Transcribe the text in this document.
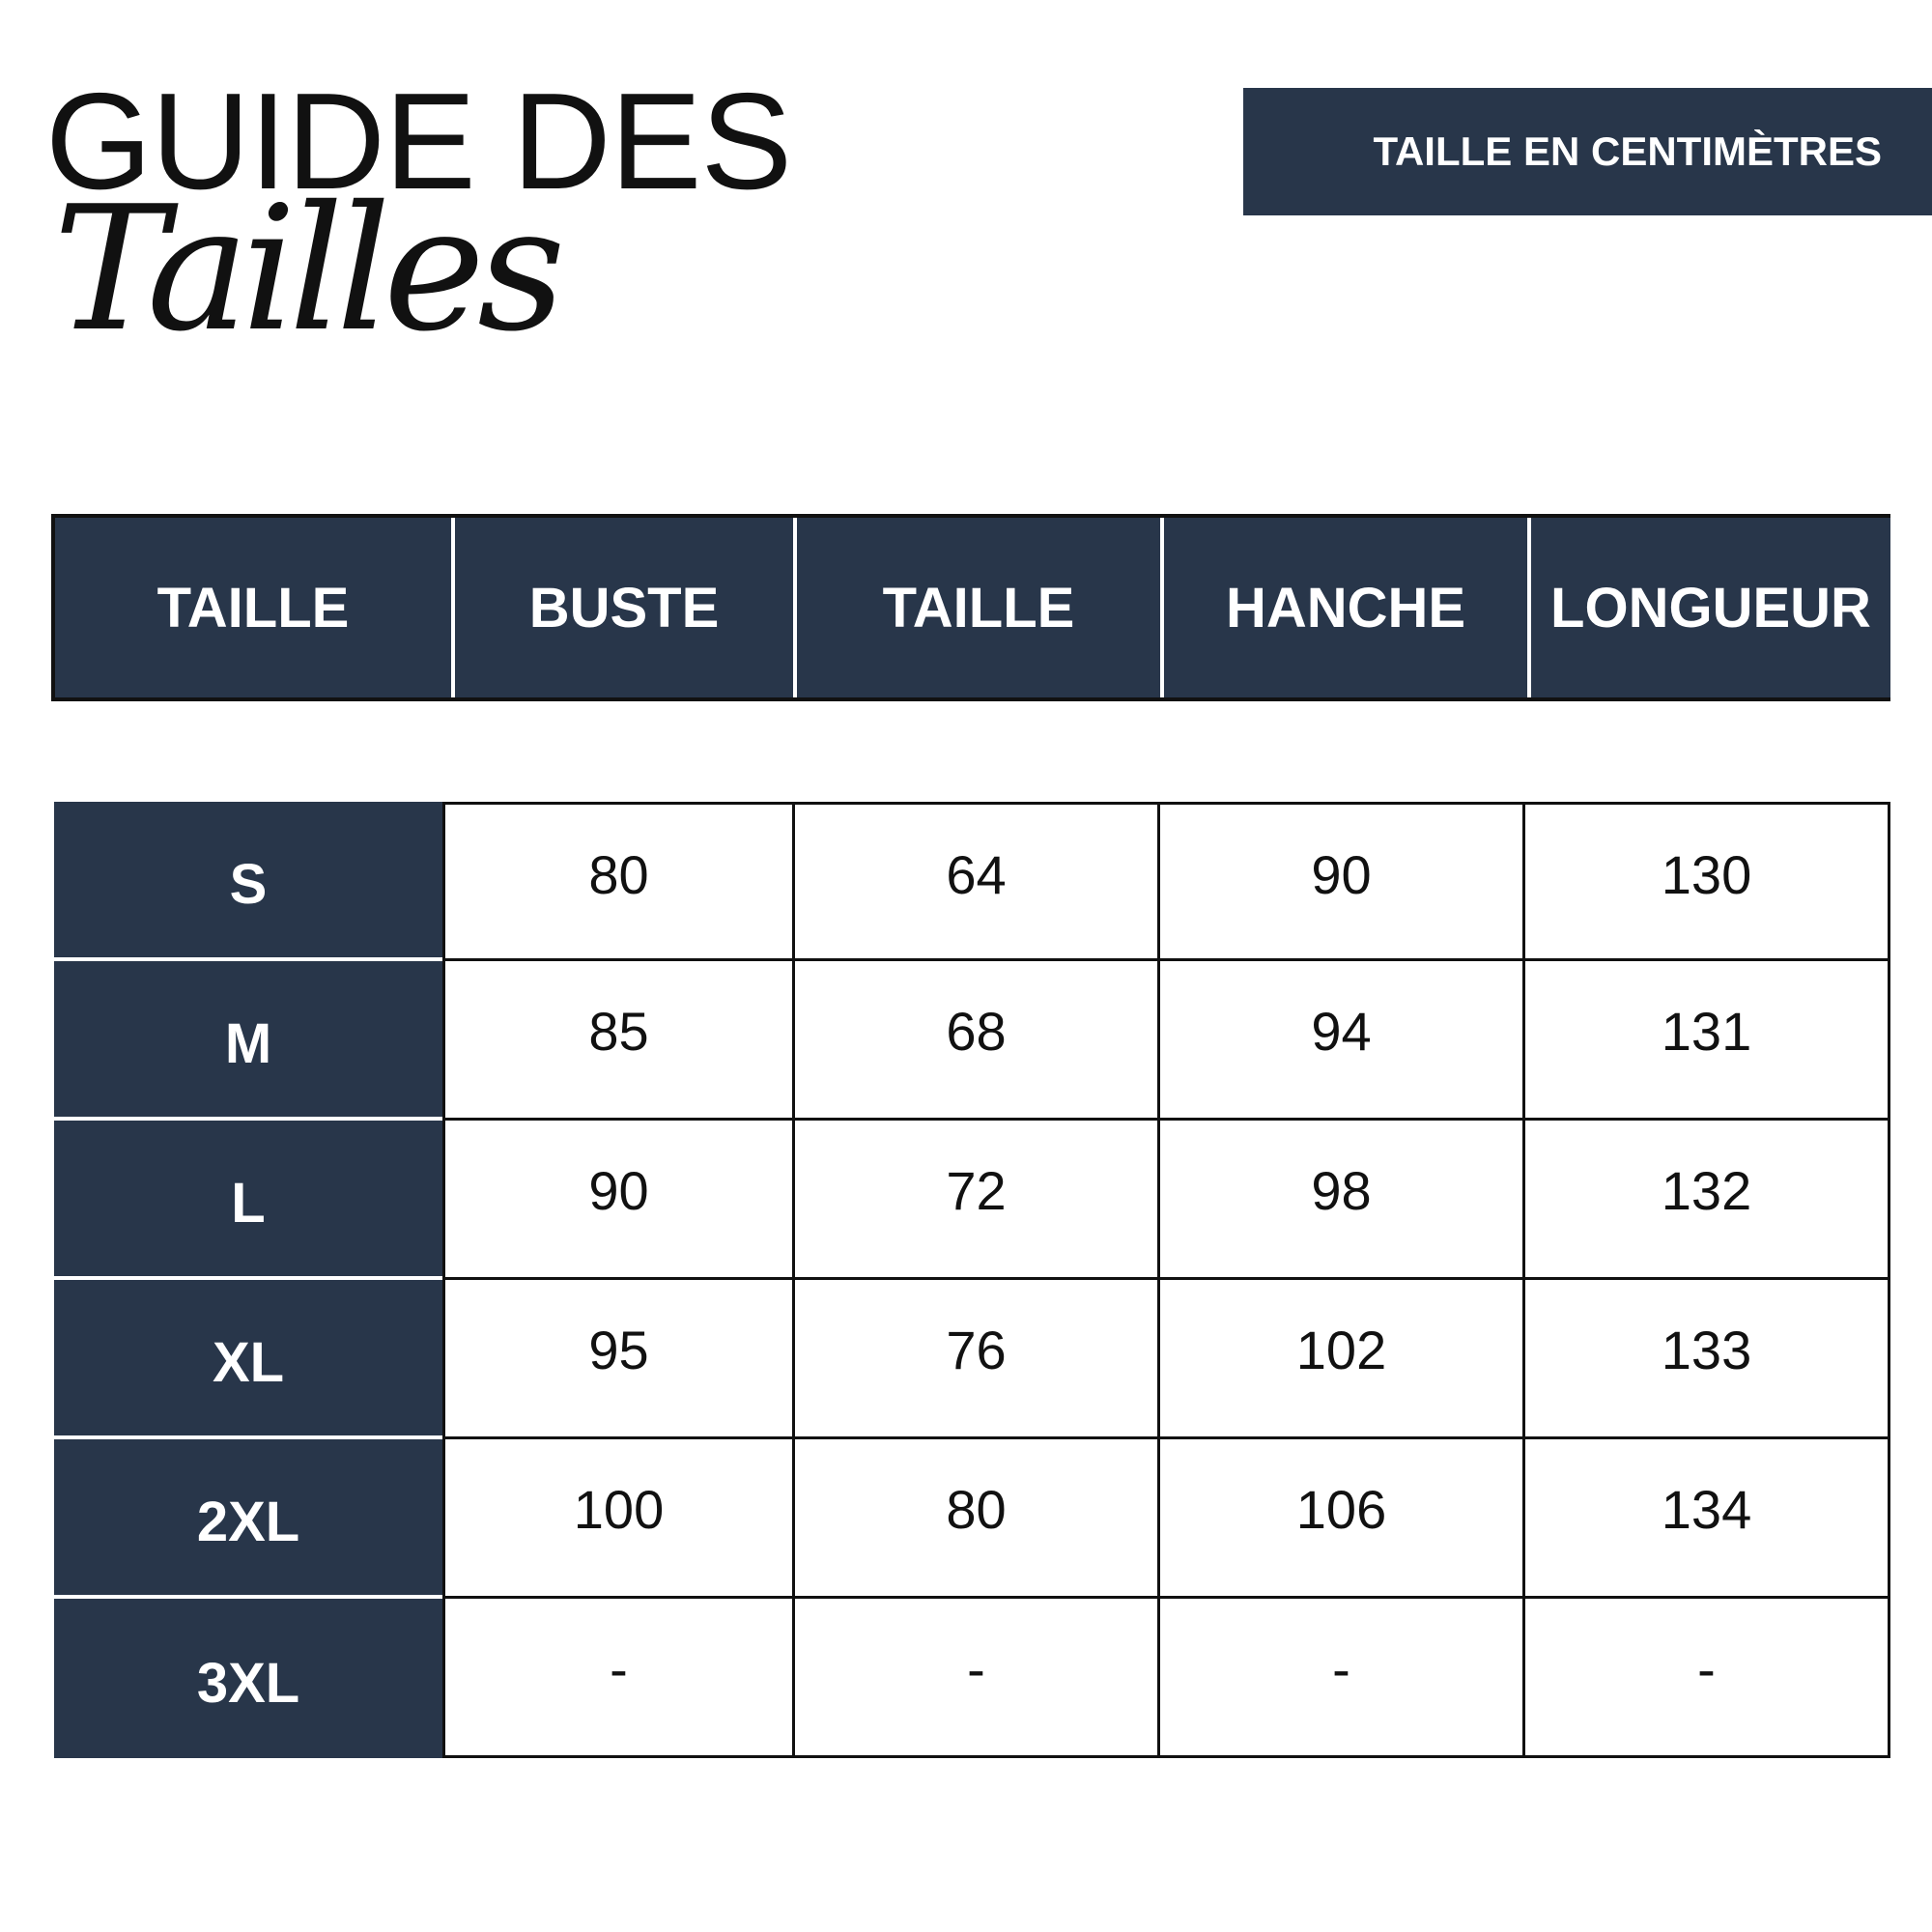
GUIDE DES
Tailles
TAILLE EN CENTIMÈTRES
TAILLE	BUSTE	TAILLE	HANCHE	LONGUEUR
S	80	64	90	130
M	85	68	94	131
L	90	72	98	132
XL	95	76	102	133
2XL	100	80	106	134
3XL	-	-	-	-
